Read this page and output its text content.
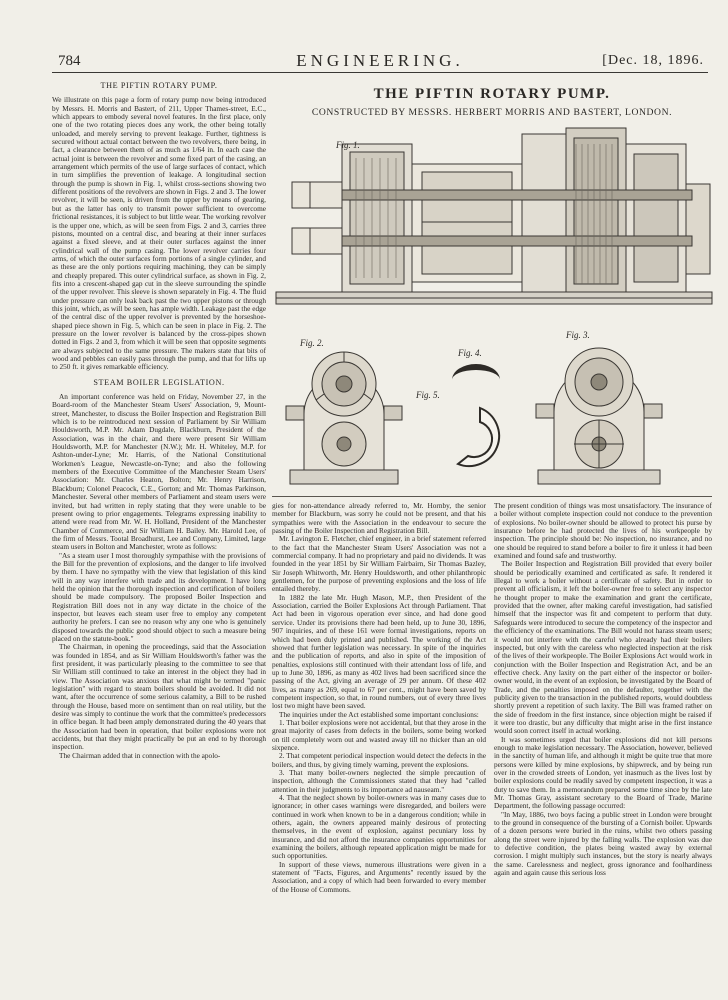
784	ENGINEERING.	[Dec. 18, 1896.
THE PIFTIN ROTARY PUMP.

We illustrate on this page a form of rotary pump now being introduced by Messrs. H. Morris and Bastert, of 211, Upper Thames-street, E.C., which appears to embody several novel features. In the first place, only one of the two rotating pieces does any work, the other being totally unloaded, and merely serving to prevent leakage. Further, tightness is secured without actual contact between the two revolvers, there being, in fact, a clearance between them of as much as 1/64 in. In each case the actual joint is between the revolver and some fixed part of the casing, an arrangement which permits of the use of large surfaces of contact, which in turn simplifies the prevention of leakage. A longitudinal section through the pump is shown in Fig. 1, whilst cross-sections showing two different positions of the revolvers are shown in Figs. 2 and 3. The lower revolver, it will be seen, is driven from the upper by means of gearing, but as the latter has only to transmit power sufficient to overcome frictional resistances, it is subject to but little wear. The working revolver is the upper one, which, as will be seen from Figs. 2 and 3, carries three pistons, mounted on a central disc, and bearing at their inner surfaces against a fixed sleeve, and at their outer surfaces against the inner cylindrical wall of the pump casing. The lower revolver carries four arms, of which the outer surfaces form portions of a single cylinder, and as these are the only portions requiring machining, they can be simply and cheaply prepared. This outer cylindrical surface, as shown in Fig. 2, fits into a crescent-shaped gap cut in the sleeve surrounding the spindle of the upper revolver. This sleeve is shown separately in Fig. 4. The fluid under pressure can only leak back past the two upper pistons or through this joint, which, as will be seen, has ample width. Leakage past the edge of the central disc of the upper revolver is prevented by the horseshoe-shaped piece shown in Fig. 5, which can be seen in place in Fig. 2. The pressure on the lower revolver is balanced by the cross-pipes shown dotted in Figs. 2 and 3, from which it will be seen that opposite segments are always subjected to the same pressure. The makers state that bits of wood and pebbles can easily pass through the pump, and that for lifts up to 250 ft. it gives remarkable efficiency.

STEAM BOILER LEGISLATION.

An important conference was held on Friday, November 27, in the Board-room of the Manchester Steam Users' Association, 9, Mount-street, Manchester, to discuss the Boiler Inspection and Registration Bill which is to be reintroduced next session of Parliament by Sir William Houldsworth, M.P. Mr. Adam Dugdale, Blackburn, President of the Association, was in the chair, and there were present Sir William Houldsworth, M.P. for Manchester (N.W.); Mr. H. Whiteley, M.P. for Ashton-under-Lyne; Mr. Harris, of the National Constitutional Workmen's League, Newcastle-on-Tyne; and also the following members of the Executive Committee of the Manchester Steam Users' Association: Mr. Charles Heaton, Bolton; Mr. Henry Harrison, Blackburn; Colonel Peacock, C.E., Gorton; and Mr. Thomas Parkinson, Manchester. Several other members of Parliament and steam users were invited, but had written in reply stating that they were unable to be present owing to prior engagements. Telegrams expressing inability to attend were read from Mr. W. H. Holland, President of the Manchester Chamber of Commerce, and Sir William H. Bailey. Mr. Harold Lee, of the firm of Messrs. Tootal Broadhurst, Lee and Company, Limited, large steam users in Bolton and Manchester, wrote as follows:

"As a steam user I most thoroughly sympathise with the provisions of the Bill for the prevention of explosions, and the danger to life involved by them. I have no sympathy with the view that legislation of this kind will in any way interfere with trade and its development. I have long held the opinion that the thorough inspection and certification of boilers should be made compulsory. The proposed Boiler Inspection and Registration Bill does not in any way dictate in the choice of the inspector, but leaves each steam user free to employ any competent authority he prefers. I can see no reason why any one who is genuinely disposed towards the public good should object to such a measure being placed on the statute-book."

The Chairman, in opening the proceedings, said that the Association was founded in 1854, and as Sir William Houldsworth's father was the first president, it was particularly pleasing to the committee to see that Sir William still continued to take an interest in the object they had in view. The Association was anxious that what might be termed "panic legislation" with regard to steam boilers should be avoided. It did not want, after the occurrence of some serious calamity, a Bill to be rushed through the House, based more on sentiment than on real utility, but the desire was simply to continue the work that the committee's predecessors in office began. It had been amply demonstrated during the 40 years that the Association had been in operation, that boiler explosions were not accidents, but that they might practically be put an end to by thorough inspection.

The Chairman added that in connection with the apolo-

THE PIFTIN ROTARY PUMP.
CONSTRUCTED BY MESSRS. HERBERT MORRIS AND BASTERT, LONDON.
Fig. 1.
Fig. 2.
Fig. 4.
Fig. 5.
Fig. 3.

gies for non-attendance already referred to, Mr. Hornby, the senior member for Blackburn, was sorry he could not be present, and that his sympathies were with the Association in the endeavour to secure the passing of the Boiler Inspection and Registration Bill.

Mr. Lavington E. Fletcher, chief engineer, in a brief statement referred to the fact that the Manchester Steam Users' Association was not a commercial company. It had no proprietary and paid no dividends. It was founded in the year 1851 by Sir William Fairbairn, Sir Thomas Bazley, Sir Joseph Whitworth, Mr. Henry Houldsworth, and other philanthropic gentlemen, for the purpose of preventing explosions and the loss of life entailed thereby.

In 1882 the late Mr. Hugh Mason, M.P., then President of the Association, carried the Boiler Explosions Act through Parliament. That Act had been in vigorous operation ever since, and had done good service. Under its provisions there had been held, up to June 30, 1896, 907 inquiries, and of these 161 were formal investigations, reports on which had been duly printed and published. The working of the Act showed that further legislation was necessary. In spite of the inquiries and the publication of reports, and also in spite of the imposition of penalties, explosions still continued with their attendant loss of life, and up to June 30, 1896, as many as 402 lives had been sacrificed since the passing of the Act, giving an average of 29 per annum. Of these 402 lives, as many as 269, equal to 67 per cent., might have been saved by competent inspection, so that, in round numbers, out of every three lives lost two might have been saved.

The inquiries under the Act established some important conclusions:

1. That boiler explosions were not accidental, but that they arose in the great majority of cases from defects in the boilers, some being worked on till completely worn out and wasted away till no thicker than an old sixpence.

2. That competent periodical inspection would detect the defects in the boilers, and thus, by giving timely warning, prevent the explosions.

3. That many boiler-owners neglected the simple precaution of inspection, although the Commissioners stated that they had "called attention in their judgments to its importance ad nauseam."

4. That the neglect shown by boiler-owners was in many cases due to ignorance; in other cases warnings were disregarded, and boilers were continued in work when known to be in a dangerous condition; while in others, again, the owners appeared mainly desirous of protecting themselves, in the event of explosion, against pecuniary loss by insurance, and did not afford the insurance companies opportunities for examining the boilers, although repeated application might be made for such opportunities.

In support of these views, numerous illustrations were given in a statement of "Facts, Figures, and Arguments" recently issued by the Association, and a copy of which had been forwarded to every member of the House of Commons.

The present condition of things was most unsatisfactory. The insurance of a boiler without complete inspection could not conduce to the prevention of explosions. No boiler-owner should be allowed to protect his purse by insurance before he had protected the lives of his workpeople by inspection. The principle should be: No inspection, no insurance, and no one should be required to stand before a boiler to fire it unless it had been examined and found safe and trustworthy.

The Boiler Inspection and Registration Bill provided that every boiler should be periodically examined and certificated as safe. It rendered it illegal to work a boiler without a certificate of safety. But in order to prevent all officialism, it left the boiler-owner free to select any inspector he thought proper to make the examination and grant the certificate, provided that the owner, after making careful investigation, had satisfied himself that the inspector was fit and competent to perform that duty. Safeguards were introduced to secure the competency of the inspector and the efficiency of the examinations. The Bill would not harass steam users; it would not interfere with the careful who already had their boilers inspected, but only with the careless who neglected inspection at the risk of the lives of their workpeople. The Boiler Explosions Act would work in conjunction with the Boiler Inspection and Registration Act, and be an effective check. Any laxity on the part either of the inspector or boiler-owner would, in the event of an explosion, be investigated by the Board of Trade, and the penalties imposed on the defaulter, together with the publicity given to the transaction in the published reports, would doubtless shortly prevent a repetition of such laxity. The Bill was framed rather on the side of freedom in the first instance, since objection might be raised if it were too drastic, but any difficulty that might arise in the first instance would soon correct itself in actual working.

It was sometimes urged that boiler explosions did not kill persons enough to make legislation necessary. The Association, however, believed in the sanctity of human life, and although it might be quite true that more persons were killed by mine explosions, by shipwreck, and by being run over in the crowded streets of London, yet inasmuch as the lives lost by boiler explosions could be readily saved by competent inspection, it was a duty to save them. In a memorandum prepared some time since by the late Mr. Thomas Gray, assistant secretary to the Board of Trade, Marine Department, the following passage occurred:

"In May, 1886, two boys facing a public street in London were brought to the ground in consequence of the bursting of a Cornish boiler. Upwards of a dozen persons were buried in the ruins, whilst two others passing along the street were injured by the falling walls. The explosion was due to defective condition, the plates being wasted away by external corrosion. I might multiply such instances, but the story is nearly always the same. Carelessness and neglect, gross ignorance and foolhardiness again and again cause this serious loss
